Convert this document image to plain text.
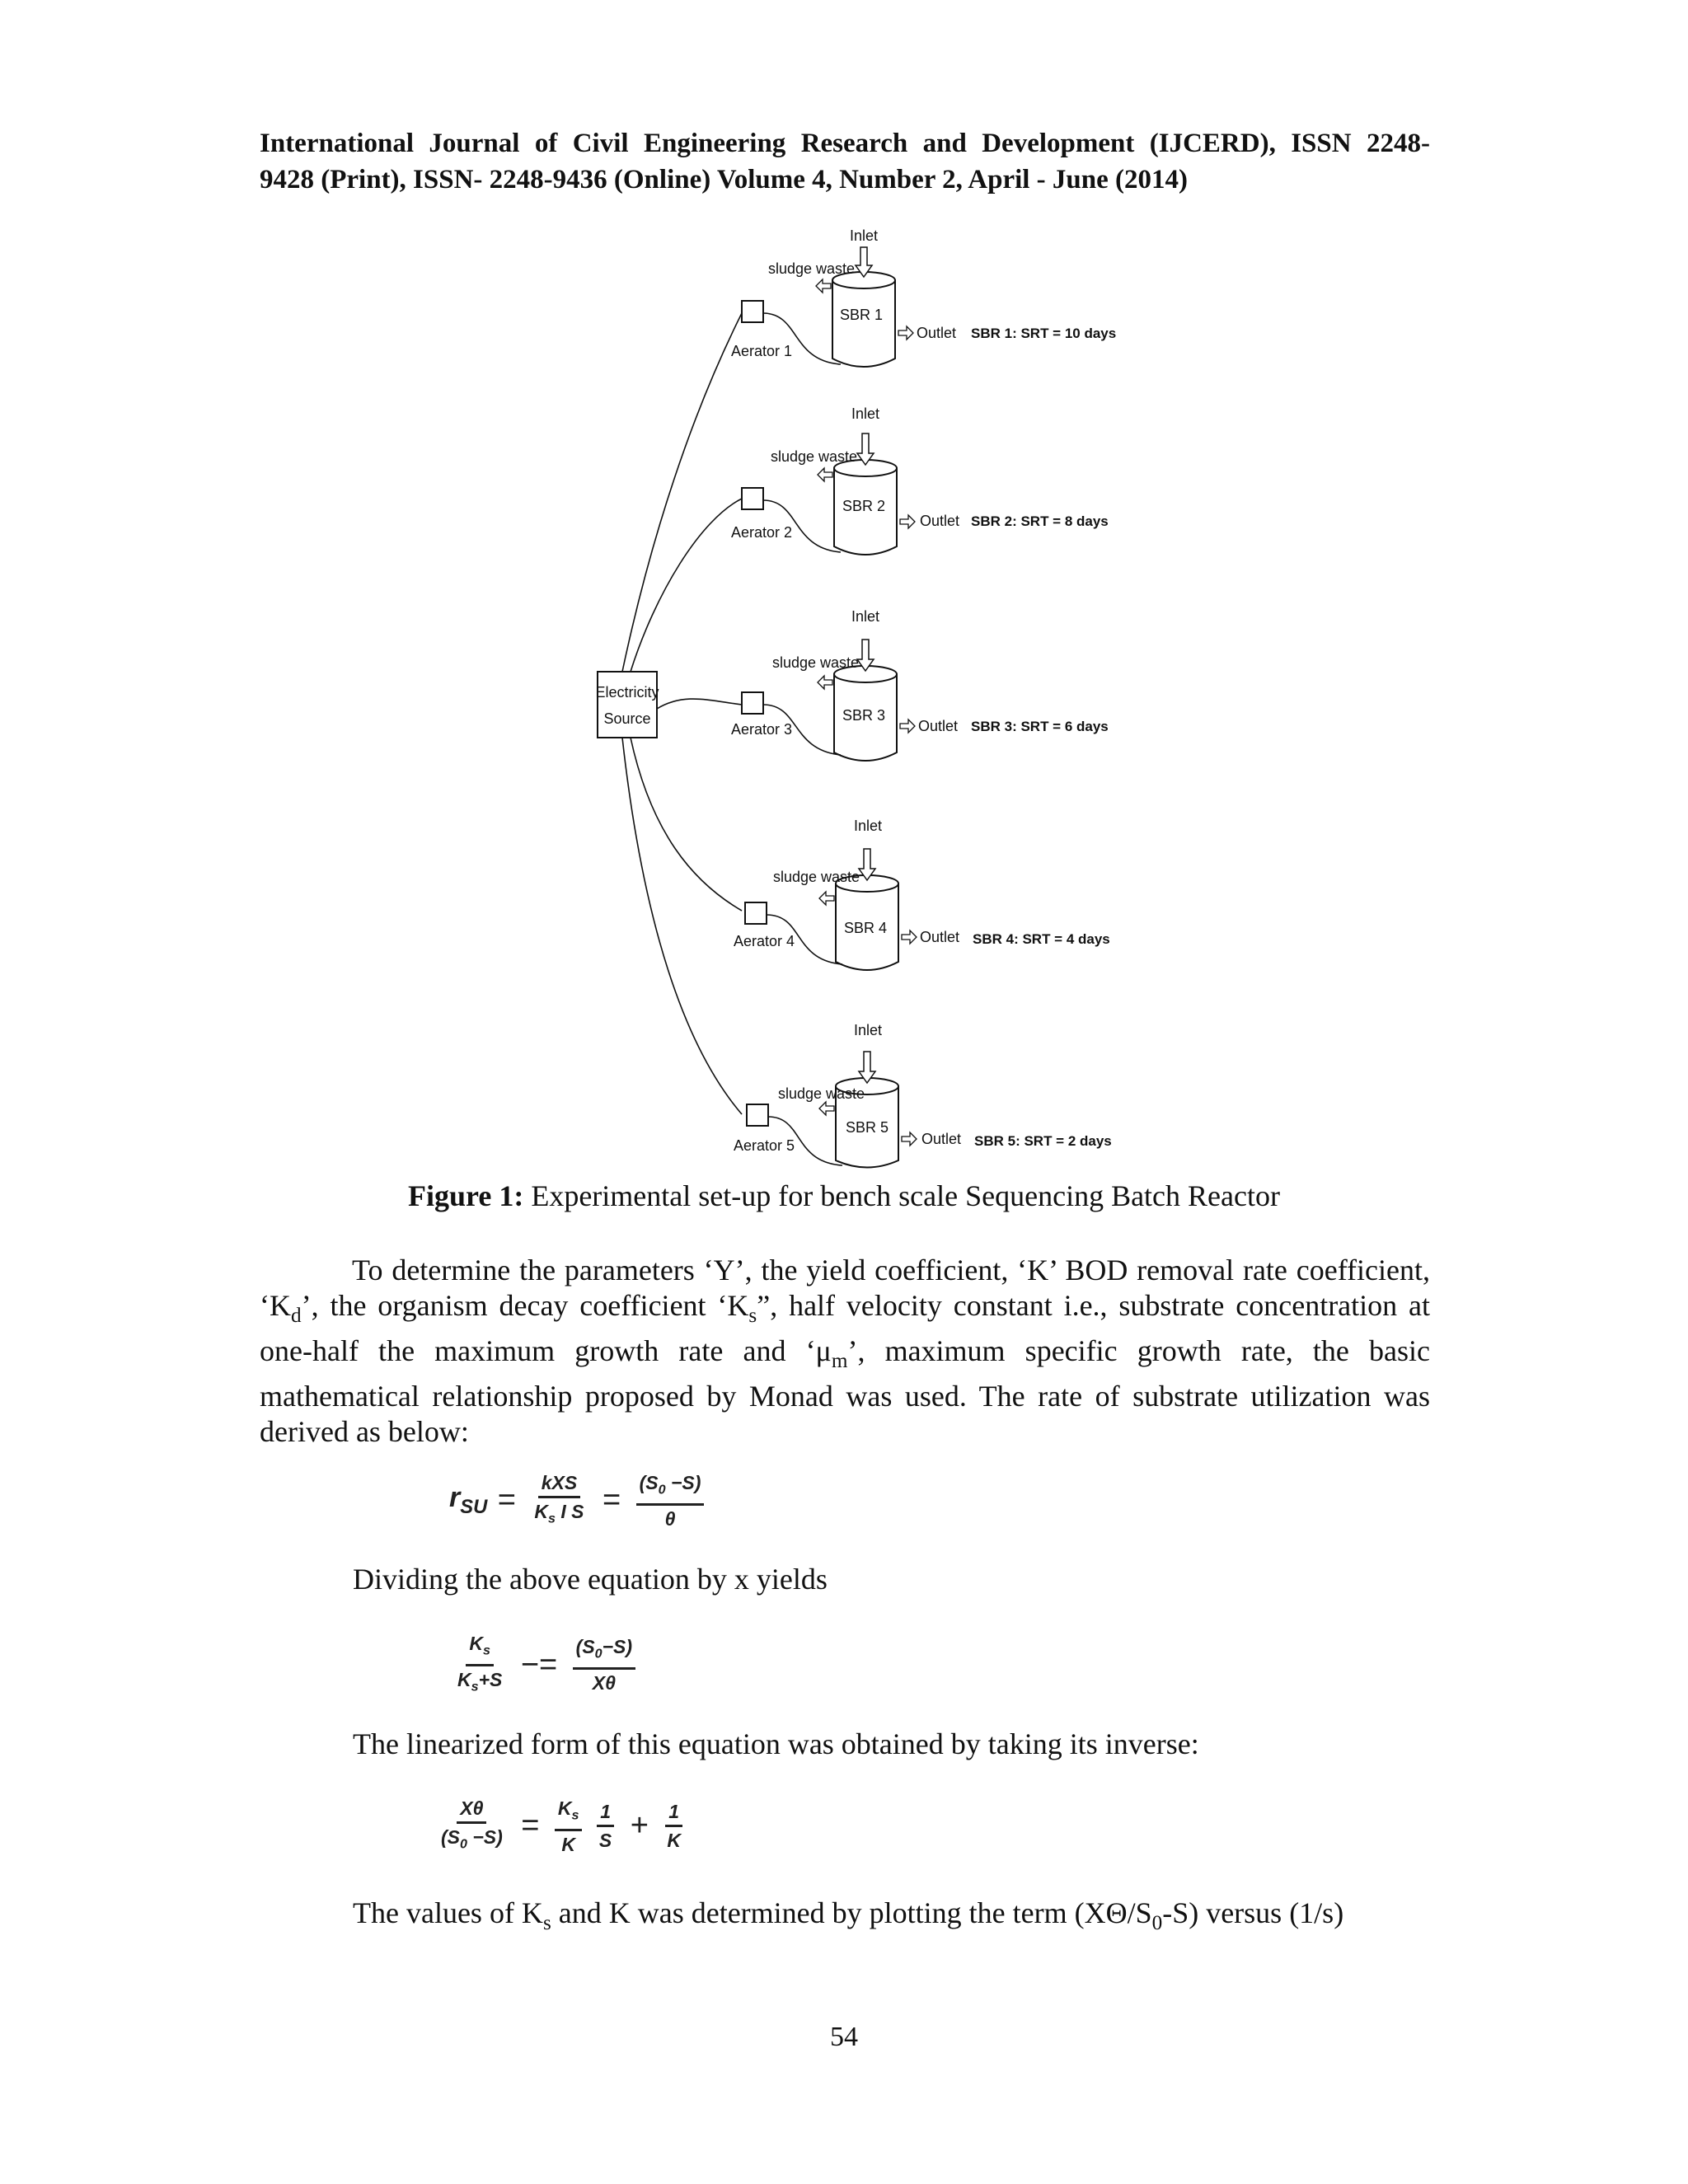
International Journal of Civil Engineering Research and Development (IJCERD), ISSN 2248-
9428 (Print), ISSN- 2248-9436 (Online) Volume 4, Number 2, April - June (2014)
Electricity
Source
Aerator 1
SBR 1
Inlet
sludge waste
Outlet SBR 1: SRT = 10 days
Aerator 2
SBR 2
Inlet
sludge waste
Outlet SBR 2: SRT = 8 days
Aerator 3
SBR 3
Inlet
sludge waste
Outlet SBR 3: SRT = 6 days
Aerator 4
SBR 4
Inlet
sludge waste
Outlet SBR 4: SRT = 4 days
Aerator 5
SBR 5
Inlet
sludge waste
Outlet SBR 5: SRT = 2 days
Figure 1: Experimental set-up for bench scale Sequencing Batch Reactor
To determine the parameters ‘Y’, the yield coefficient, ‘K’ BOD removal rate coefficient, ‘$K_d$’, the organism decay coefficient ‘$K_s$”, half velocity constant i.e., substrate concentration at one-half the maximum growth rate and ‘$\mu_m$’, maximum specific growth rate, the basic mathematical relationship proposed by Monad was used. The rate of substrate utilization was derived as below:
$r_{SU} = \frac{\text{kXS}}{K_s I S} = \frac{(S_0 -S)}{\theta}$
Dividing the above equation by x yields
$\frac{K_s}{K_s+S} -= \frac{(S_0-S)}{X\theta}$
The linearized form of this equation was obtained by taking its inverse:
$\frac{X\theta}{(S_0 -S)} = \frac{K_s}{K}$
$\frac{1}{S} + \frac{1}{K}$
The values of $K_s$ and K was determined by plotting the term $(X\Theta/S_0-S)$ versus (1/s)
54
